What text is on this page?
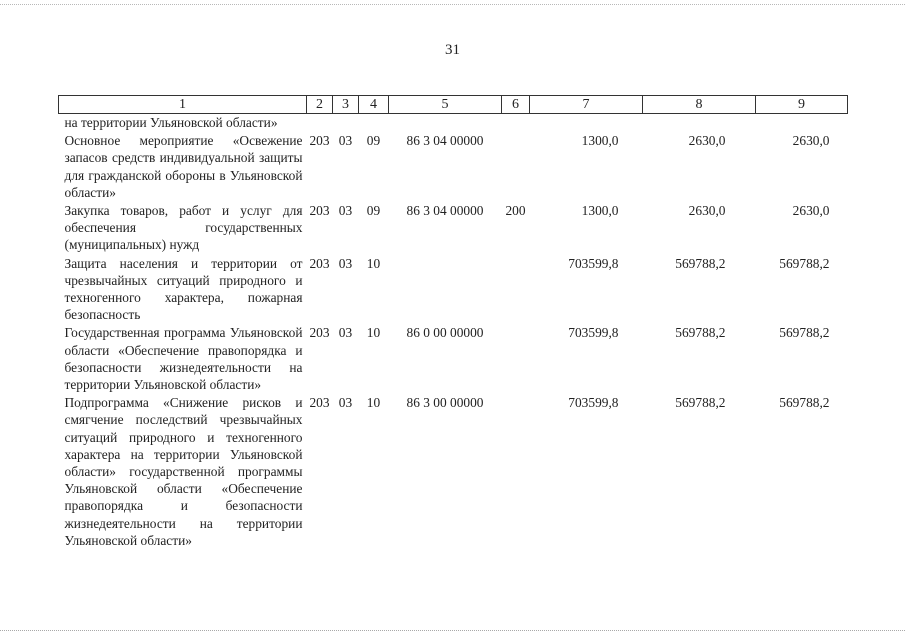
31
1	2	3	4	5	6	7	8	9
на территории Ульяновской области»								
Основное мероприятие «Освежение запасов средств индивидуальной защиты для гражданской обороны в Ульяновской области»	203	03	09	86 3 04 00000		1300,0	2630,0	2630,0
Закупка товаров, работ и услуг для обеспечения государственных (муниципальных) нужд	203	03	09	86 3 04 00000	200	1300,0	2630,0	2630,0
Защита населения и территории от чрезвычайных ситуаций природного и техногенного характера, пожарная безопасность	203	03	10			703599,8	569788,2	569788,2
Государственная программа Ульяновской области «Обеспечение правопорядка и безопасности жизнедеятельности на территории Ульяновской области»	203	03	10	86 0 00 00000		703599,8	569788,2	569788,2
Подпрограмма «Снижение рисков и смягчение последствий чрезвычайных ситуаций природного и техногенного характера на территории Ульяновской области» государственной программы Ульяновской области «Обеспечение правопорядка и безопасности жизнедеятельности на территории Ульяновской области»	203	03	10	86 3 00 00000		703599,8	569788,2	569788,2
